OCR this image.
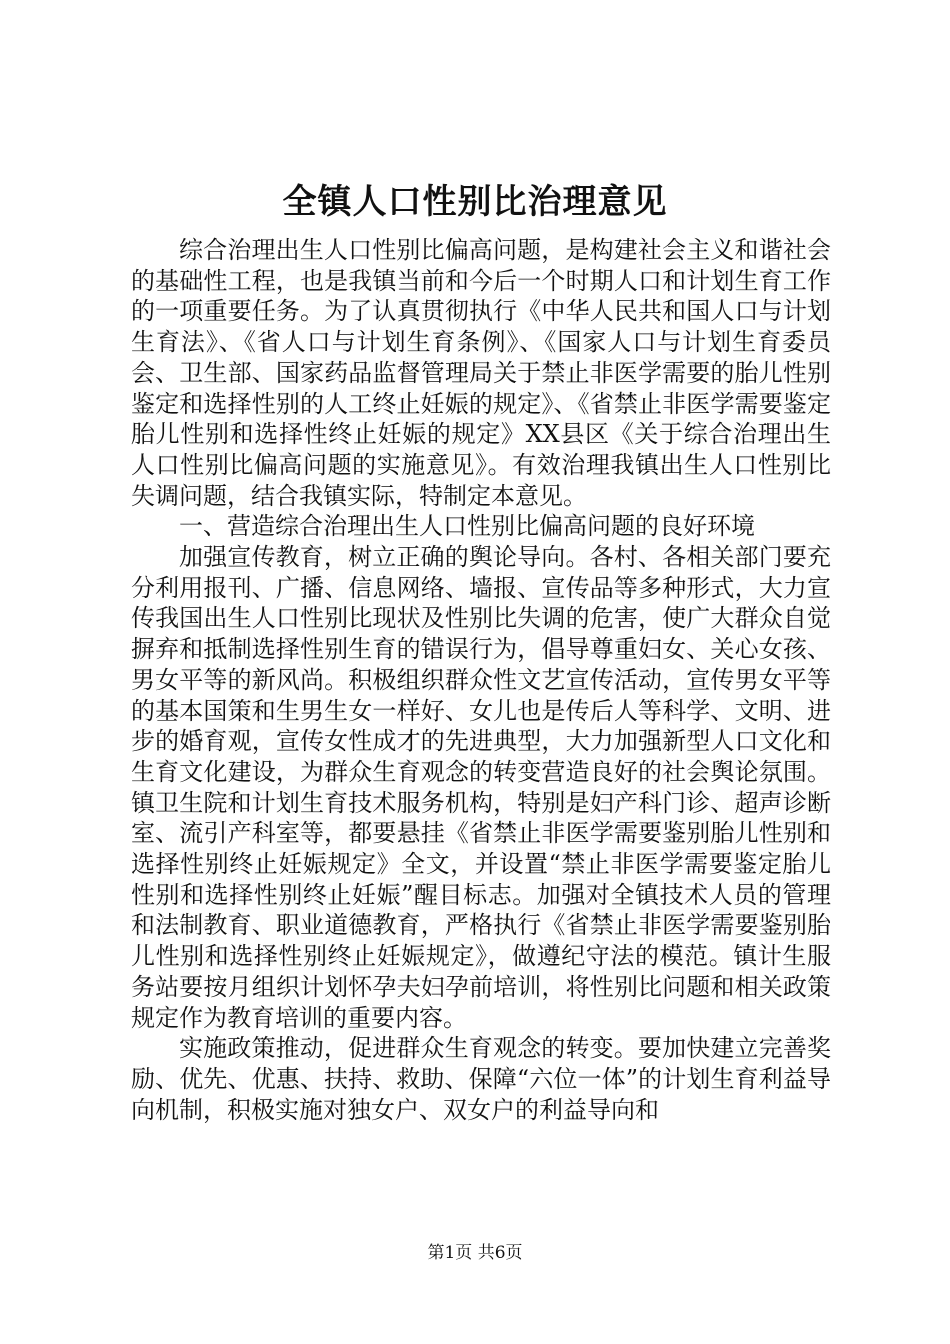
全镇人口性别比治理意见

综合治理出生人口性别比偏高问题，是构建社会主义和谐社会的基础性工程，也是我镇当前和今后一个时期人口和计划生育工作的一项重要任务。为了认真贯彻执行《中华人民共和国人口与计划生育法》、《省人口与计划生育条例》、《国家人口与计划生育委员会、卫生部、国家药品监督管理局关于禁止非医学需要的胎儿性别鉴定和选择性别的人工终止妊娠的规定》、《省禁止非医学需要鉴定胎儿性别和选择性终止妊娠的规定》XX县区《关于综合治理出生人口性别比偏高问题的实施意见》。有效治理我镇出生人口性别比失调问题，结合我镇实际，特制定本意见。

一、营造综合治理出生人口性别比偏高问题的良好环境

加强宣传教育，树立正确的舆论导向。各村、各相关部门要充分利用报刊、广播、信息网络、墙报、宣传品等多种形式，大力宣传我国出生人口性别比现状及性别比失调的危害，使广大群众自觉摒弃和抵制选择性别生育的错误行为，倡导尊重妇女、关心女孩、男女平等的新风尚。积极组织群众性文艺宣传活动，宣传男女平等的基本国策和生男生女一样好、女儿也是传后人等科学、文明、进步的婚育观，宣传女性成才的先进典型，大力加强新型人口文化和生育文化建设，为群众生育观念的转变营造良好的社会舆论氛围。镇卫生院和计划生育技术服务机构，特别是妇产科门诊、超声诊断室、流引产科室等，都要悬挂《省禁止非医学需要鉴别胎儿性别和选择性别终止妊娠规定》全文，并设置“禁止非医学需要鉴定胎儿性别和选择性别终止妊娠”醒目标志。加强对全镇技术人员的管理和法制教育、职业道德教育，严格执行《省禁止非医学需要鉴别胎儿性别和选择性别终止妊娠规定》，做遵纪守法的模范。镇计生服务站要按月组织计划怀孕夫妇孕前培训，将性别比问题和相关政策规定作为教育培训的重要内容。

实施政策推动，促进群众生育观念的转变。要加快建立完善奖励、优先、优惠、扶持、救助、保障“六位一体”的计划生育利益导向机制，积极实施对独女户、双女户的利益导向和

第1页 共6页
